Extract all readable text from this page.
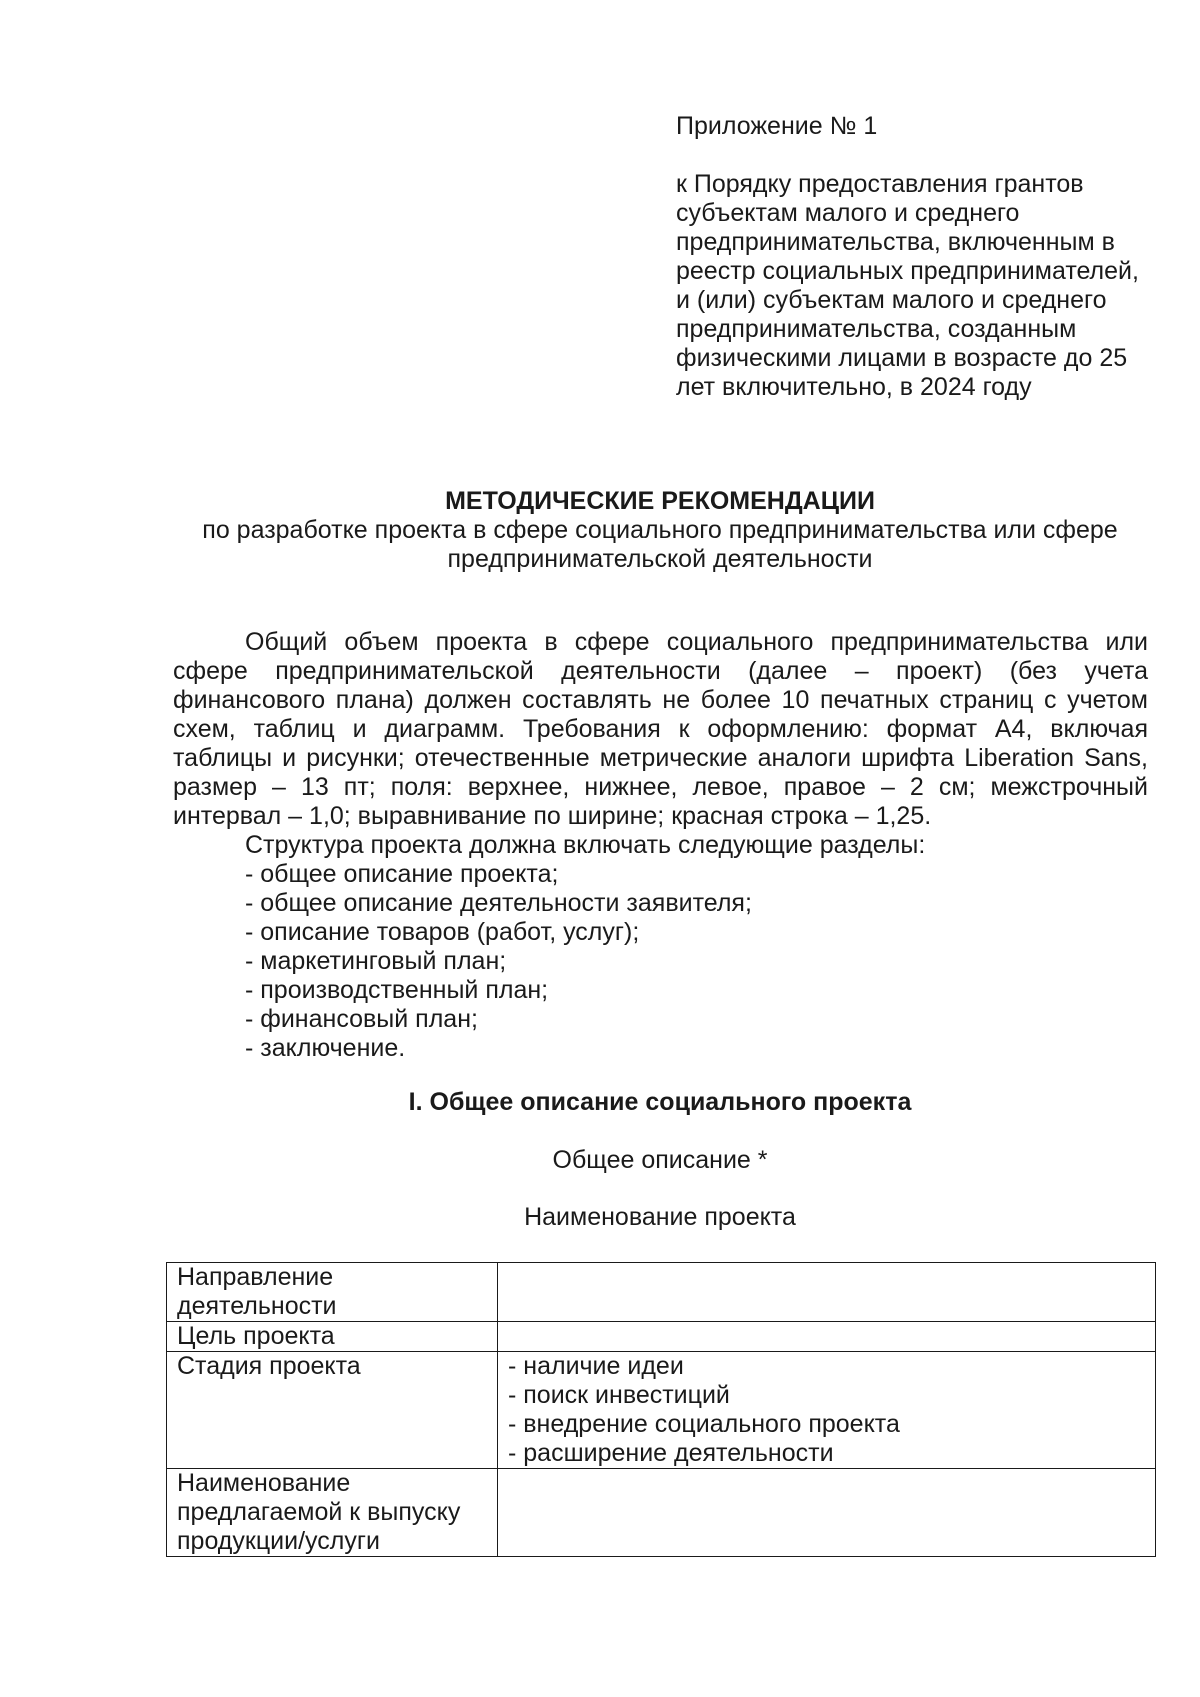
Приложение № 1

к Порядку предоставления грантов субъектам малого и среднего предпринимательства, включенным в реестр социальных предпринимателей, и (или) субъектам малого и среднего предпринимательства, созданным физическими лицами в возрасте до 25 лет включительно, в 2024 году

МЕТОДИЧЕСКИЕ РЕКОМЕНДАЦИИ
по разработке проекта в сфере социального предпринимательства или сфере предпринимательской деятельности

Общий объем проекта в сфере социального предпринимательства или сфере предпринимательской деятельности (далее – проект) (без учета финансового плана) должен составлять не более 10 печатных страниц с учетом схем, таблиц и диаграмм. Требования к оформлению: формат А4, включая таблицы и рисунки; отечественные метрические аналоги шрифта Liberation Sans, размер – 13 пт; поля: верхнее, нижнее, левое, правое – 2 см; межстрочный интервал – 1,0; выравнивание по ширине; красная строка – 1,25.

Структура проекта должна включать следующие разделы:

- общее описание проекта;
- общее описание деятельности заявителя;
- описание товаров (работ, услуг);
- маркетинговый план;
- производственный план;
- финансовый план;
- заключение.
I. Общее описание социального проекта
Общее описание *
Наименование проекта
Направление деятельности	
Цель проекта	
Стадия проекта	- наличие идеи
- поиск инвестиций
- внедрение социального проекта
- расширение деятельности

Наименование предлагаемой к выпуску продукции/услуги	
